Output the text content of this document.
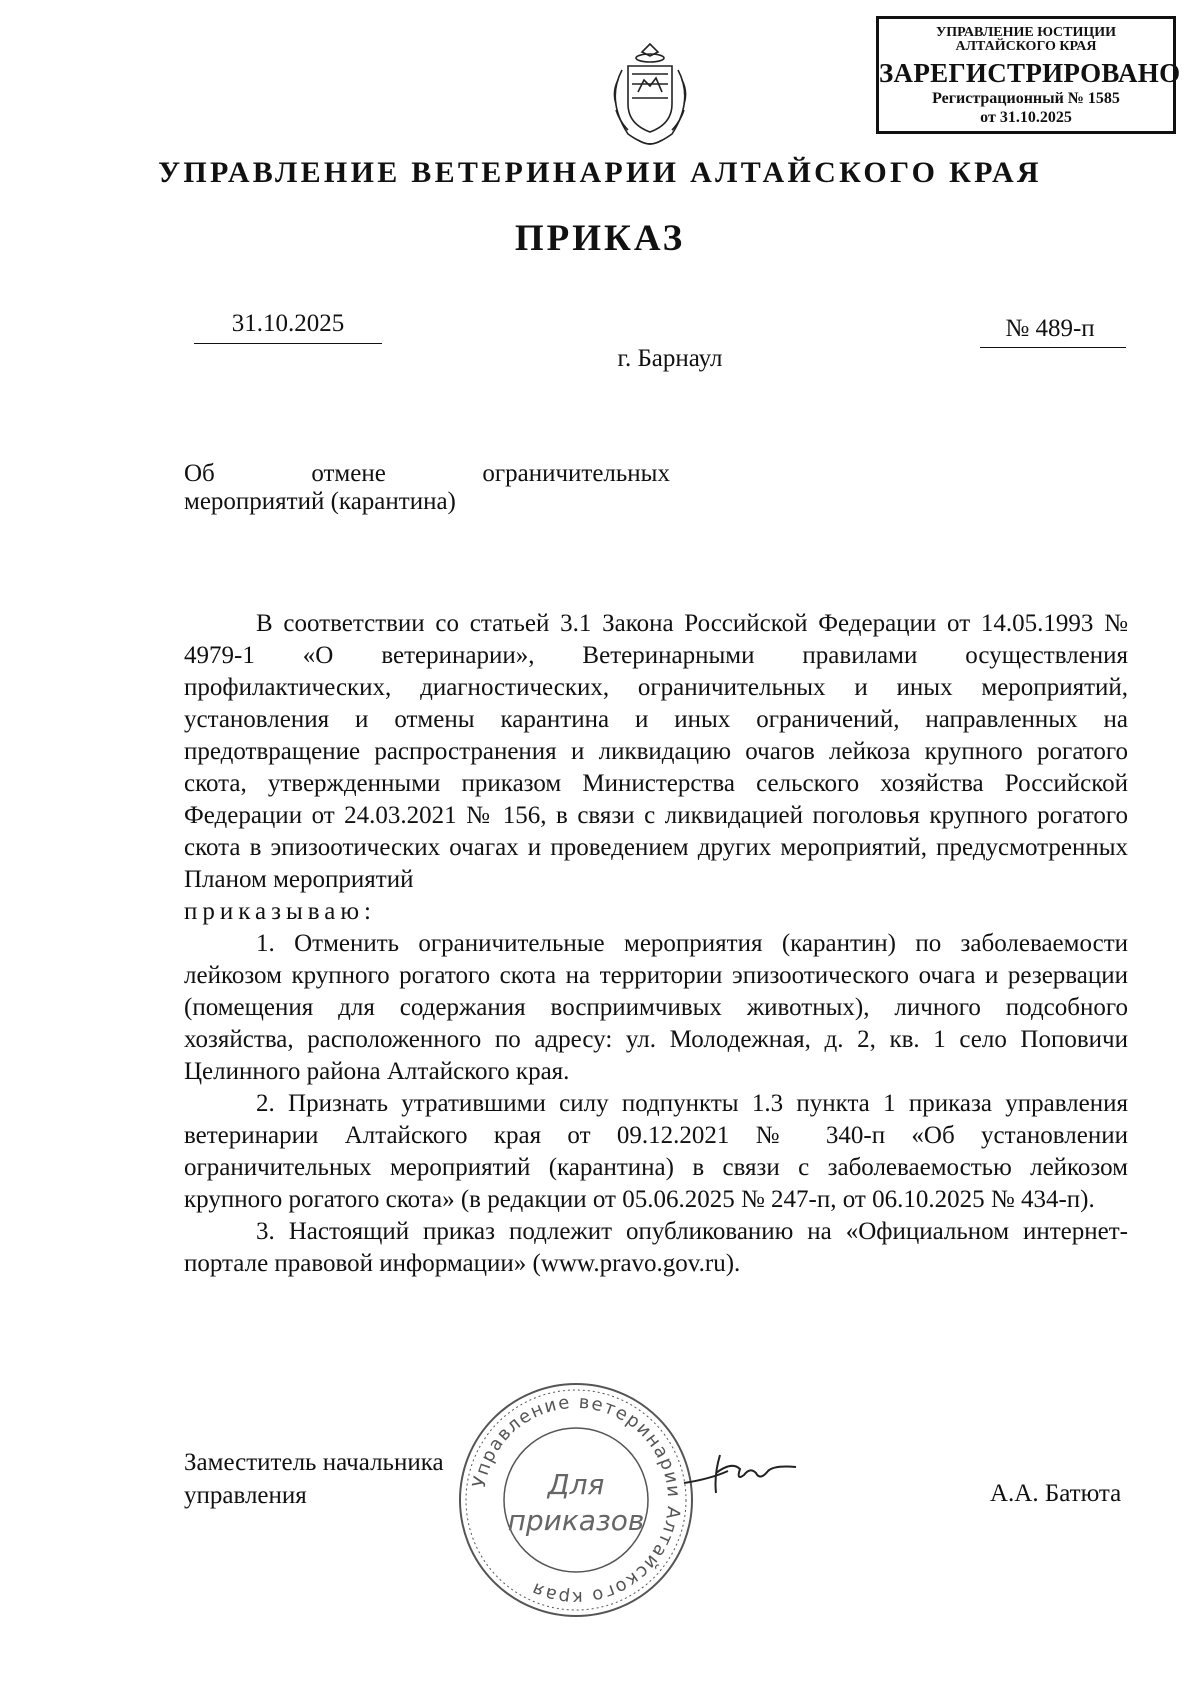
УПРАВЛЕНИЕ ЮСТИЦИИ
АЛТАЙСКОГО КРАЯ
ЗАРЕГИСТРИРОВАНО
Регистрационный № 1585
от 31.10.2025
УПРАВЛЕНИЕ ВЕТЕРИНАРИИ АЛТАЙСКОГО КРАЯ
ПРИКАЗ
31.10.2025	№ 489-п
г. Барнаул
Об	отмене	ограничительных
мероприятий (карантина)

В соответствии со статьей 3.1 Закона Российской Федерации от 14.05.1993 № 4979-1 «О ветеринарии», Ветеринарными правилами осуществления профилактических, диагностических, ограничительных и иных мероприятий, установления и отмены карантина и иных ограничений, направленных на предотвращение распространения и ликвидацию очагов лейкоза крупного рогатого скота, утвержденными приказом Министерства сельского хозяйства Российской Федерации от 24.03.2021 № 156, в связи с ликвидацией поголовья крупного рогатого скота в эпизоотических очагах и проведением других мероприятий, предусмотренных Планом мероприятий

приказываю:

1. Отменить ограничительные мероприятия (карантин) по заболеваемости лейкозом крупного рогатого скота на территории эпизоотического очага и резервации (помещения для содержания восприимчивых животных), личного подсобного хозяйства, расположенного по адресу: ул. Молодежная, д. 2, кв. 1 село Поповичи Целинного района Алтайского края.

2. Признать утратившими силу подпункты 1.3 пункта 1 приказа управления ветеринарии Алтайского края от 09.12.2021 № 340-п «Об установлении ограничительных мероприятий (карантина) в связи с заболеваемостью лейкозом крупного рогатого скота» (в редакции от 05.06.2025 № 247-п, от 06.10.2025 № 434-п).

3. Настоящий приказ подлежит опубликованию на «Официальном интернет-портале правовой информации» (www.pravo.gov.ru).

Заместитель начальника
управления
Управление ветеринарии Алтайского края
Для
приказов
А.А. Батюта
